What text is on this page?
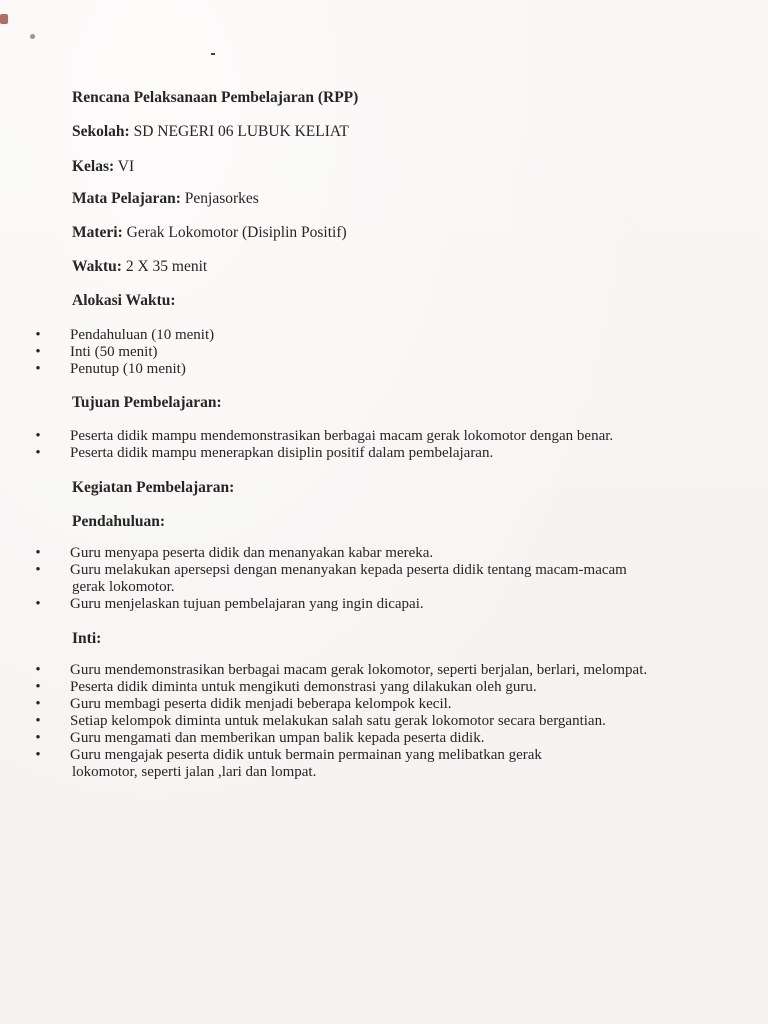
Rencana Pelaksanaan Pembelajaran (RPP)
Sekolah: SD NEGERI 06 LUBUK KELIAT
Kelas: VI
Mata Pelajaran: Penjasorkes
Materi: Gerak Lokomotor (Disiplin Positif)
Waktu: 2 X 35 menit
Alokasi Waktu:
•	Pendahuluan (10 menit)
•	Inti (50 menit)
•	Penutup (10 menit)
Tujuan Pembelajaran:
•	Peserta didik mampu mendemonstrasikan berbagai macam gerak lokomotor dengan benar.
•	Peserta didik mampu menerapkan disiplin positif dalam pembelajaran.
Kegiatan Pembelajaran:
Pendahuluan:
•	Guru menyapa peserta didik dan menanyakan kabar mereka.
•	Guru melakukan apersepsi dengan menanyakan kepada peserta didik tentang macam-macam
gerak lokomotor.
•	Guru menjelaskan tujuan pembelajaran yang ingin dicapai.
Inti:
•	Guru mendemonstrasikan berbagai macam gerak lokomotor, seperti berjalan, berlari, melompat.
•	Peserta didik diminta untuk mengikuti demonstrasi yang dilakukan oleh guru.
•	Guru membagi peserta didik menjadi beberapa kelompok kecil.
•	Setiap kelompok diminta untuk melakukan salah satu gerak lokomotor secara bergantian.
•	Guru mengamati dan memberikan umpan balik kepada peserta didik.
•	Guru mengajak peserta didik untuk bermain permainan yang melibatkan gerak
lokomotor, seperti jalan ,lari dan lompat.
